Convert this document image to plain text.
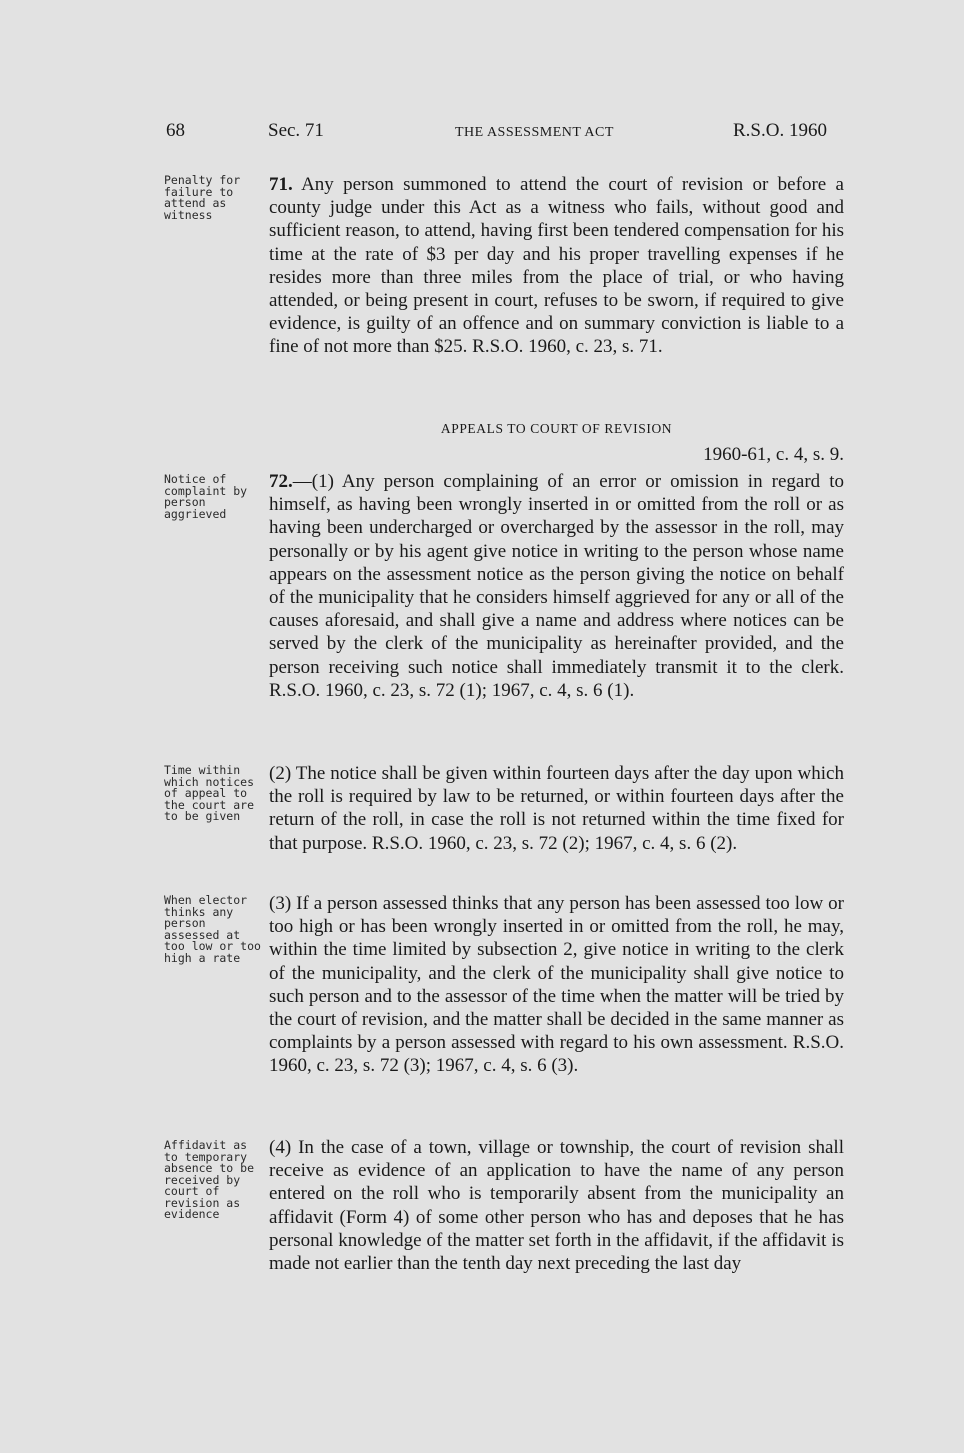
68	Sec. 71	THE ASSESSMENT ACT	R.S.O. 1960
Penalty for failure to attend as witness

71. Any person summoned to attend the court of revision or before a county judge under this Act as a witness who fails, without good and sufficient reason, to attend, having first been tendered compensation for his time at the rate of $3 per day and his proper travelling expenses if he resides more than three miles from the place of trial, or who having attended, or being present in court, refuses to be sworn, if required to give evidence, is guilty of an offence and on summary conviction is liable to a fine of not more than $25. R.S.O. 1960, c. 23, s. 71.

APPEALS TO COURT OF REVISION
1960-61, c. 4, s. 9.
Notice of complaint by person aggrieved

72.—(1) Any person complaining of an error or omission in regard to himself, as having been wrongly inserted in or omitted from the roll or as having been undercharged or overcharged by the assessor in the roll, may personally or by his agent give notice in writing to the person whose name appears on the assessment notice as the person giving the notice on behalf of the municipality that he considers himself aggrieved for any or all of the causes aforesaid, and shall give a name and address where notices can be served by the clerk of the municipality as hereinafter provided, and the person receiving such notice shall immediately transmit it to the clerk. R.S.O. 1960, c. 23, s. 72 (1); 1967, c. 4, s. 6 (1).

Time within which notices of appeal to the court are to be given

(2) The notice shall be given within fourteen days after the day upon which the roll is required by law to be returned, or within fourteen days after the return of the roll, in case the roll is not returned within the time fixed for that purpose. R.S.O. 1960, c. 23, s. 72 (2); 1967, c. 4, s. 6 (2).

When elector thinks any person assessed at too low or too high a rate

(3) If a person assessed thinks that any person has been assessed too low or too high or has been wrongly inserted in or omitted from the roll, he may, within the time limited by subsection 2, give notice in writing to the clerk of the municipality, and the clerk of the municipality shall give notice to such person and to the assessor of the time when the matter will be tried by the court of revision, and the matter shall be decided in the same manner as complaints by a person assessed with regard to his own assessment. R.S.O. 1960, c. 23, s. 72 (3); 1967, c. 4, s. 6 (3).

Affidavit as to temporary absence to be received by court of revision as evidence

(4) In the case of a town, village or township, the court of revision shall receive as evidence of an application to have the name of any person entered on the roll who is temporarily absent from the municipality an affidavit (Form 4) of some other person who has and deposes that he has personal knowledge of the matter set forth in the affidavit, if the affidavit is made not earlier than the tenth day next preceding the last day
